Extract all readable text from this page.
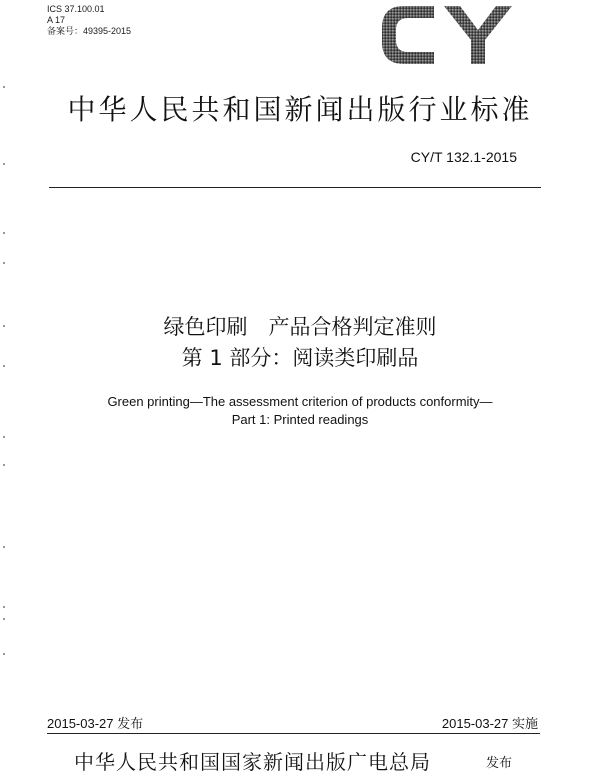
ICS 37.100.01
A 17
备案号：49395-2015
中华人民共和国新闻出版行业标准
CY/T 132.1-2015
绿色印刷　产品合格判定准则
第 1 部分：阅读类印刷品
Green printing—The assessment criterion of products conformity—
Part 1: Printed readings
2015-03-27 发布	2015-03-27 实施
中华人民共和国国家新闻出版广电总局	发布
